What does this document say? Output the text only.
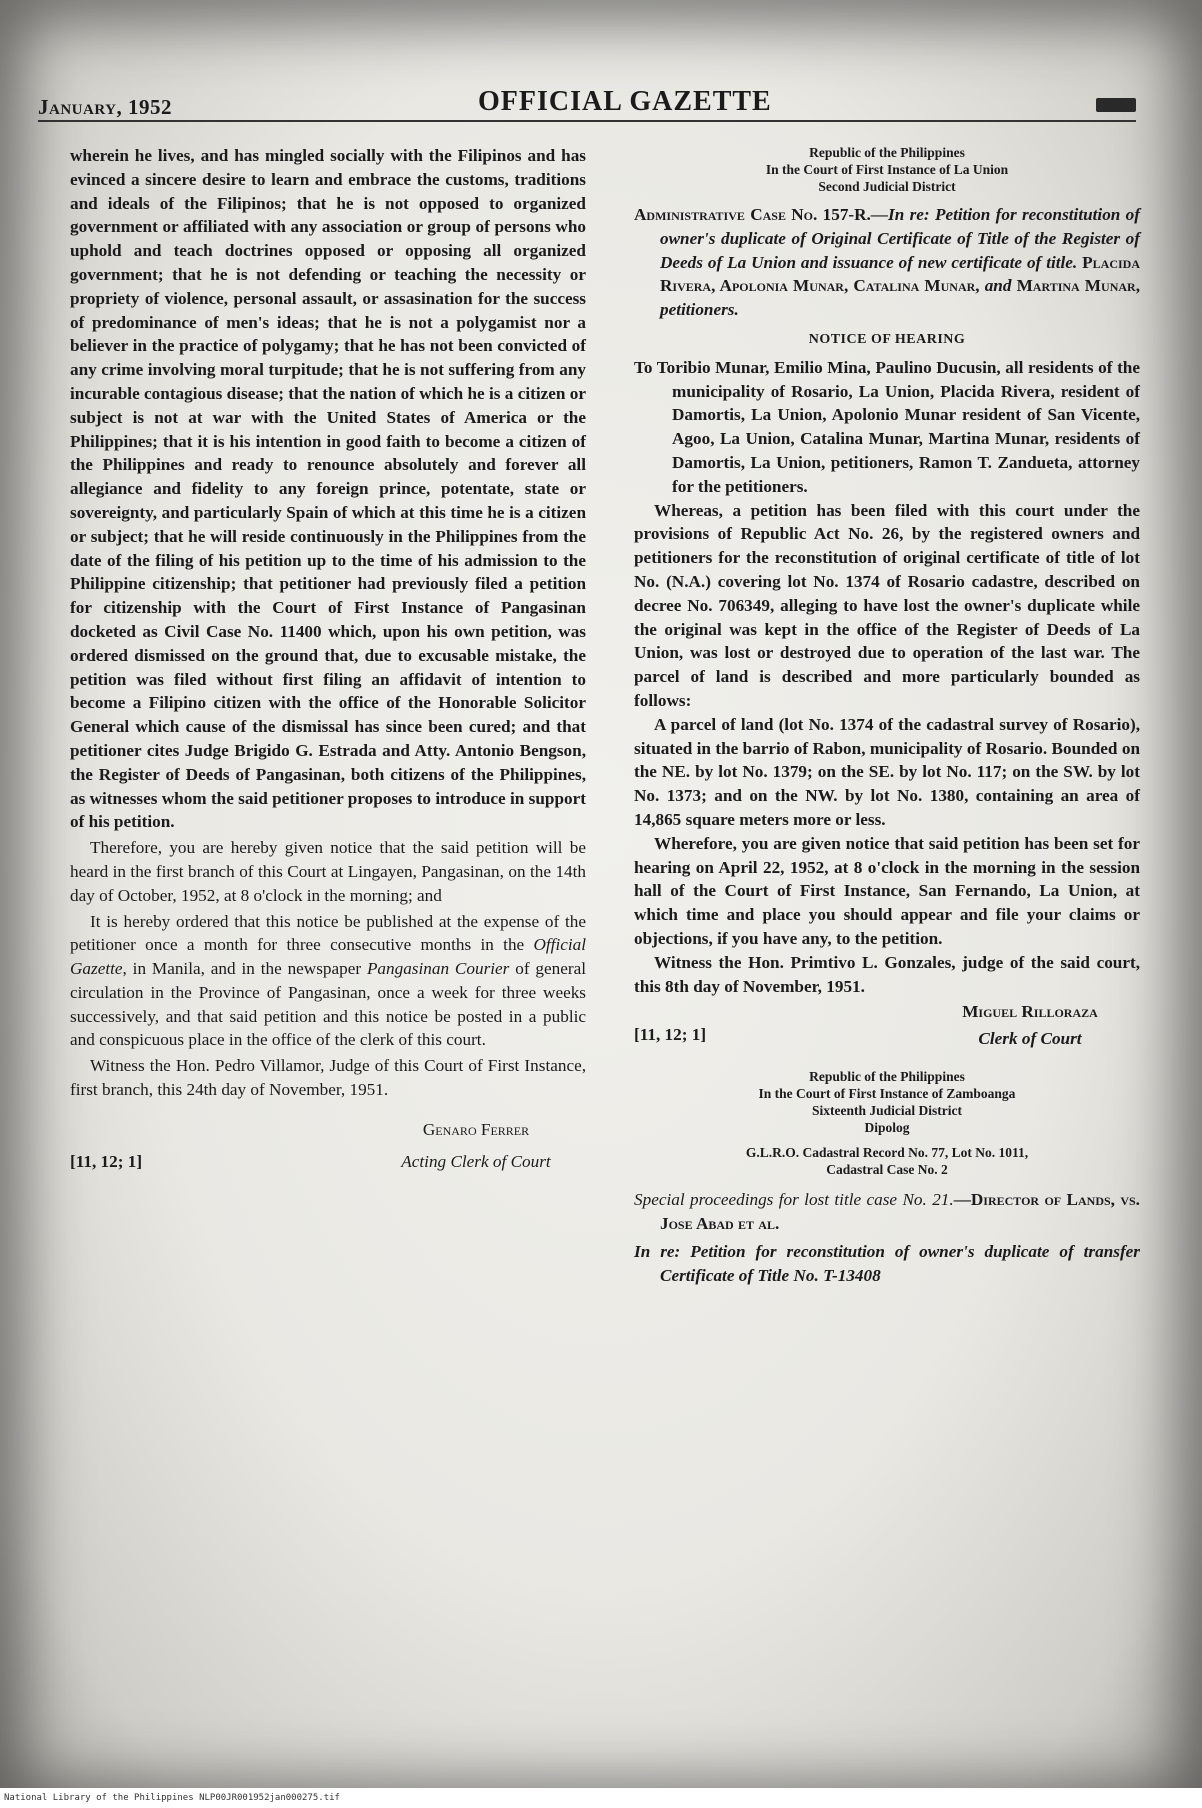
January, 1952	OFFICIAL GAZETTE

wherein he lives, and has mingled socially with the Filipinos and has evinced a sincere desire to learn and embrace the customs, traditions and ideals of the Filipinos; that he is not opposed to organized government or affiliated with any association or group of persons who uphold and teach doctrines opposed or opposing all organized government; that he is not defending or teaching the necessity or propriety of violence, personal assault, or assasination for the success of predominance of men's ideas; that he is not a polygamist nor a believer in the practice of polygamy; that he has not been convicted of any crime involving moral turpitude; that he is not suffering from any incurable contagious disease; that the nation of which he is a citizen or subject is not at war with the United States of America or the Philippines; that it is his intention in good faith to become a citizen of the Philippines and ready to renounce absolutely and forever all allegiance and fidelity to any foreign prince, potentate, state or sovereignty, and particularly Spain of which at this time he is a citizen or subject; that he will reside continuously in the Philippines from the date of the filing of his petition up to the time of his admission to the Philippine citizenship; that petitioner had previously filed a petition for citizenship with the Court of First Instance of Pangasinan docketed as Civil Case No. 11400 which, upon his own petition, was ordered dismissed on the ground that, due to excusable mistake, the petition was filed without first filing an affidavit of intention to become a Filipino citizen with the office of the Honorable Solicitor General which cause of the dismissal has since been cured; and that petitioner cites Judge Brigido G. Estrada and Atty. Antonio Bengson, the Register of Deeds of Pangasinan, both citizens of the Philippines, as witnesses whom the said petitioner proposes to introduce in support of his petition.

Therefore, you are hereby given notice that the said petition will be heard in the first branch of this Court at Lingayen, Pangasinan, on the 14th day of October, 1952, at 8 o'clock in the morning; and

It is hereby ordered that this notice be published at the expense of the petitioner once a month for three consecutive months in the Official Gazette, in Manila, and in the newspaper Pangasinan Courier of general circulation in the Province of Pangasinan, once a week for three weeks successively, and that said petition and this notice be posted in a public and conspicuous place in the office of the clerk of this court.

Witness the Hon. Pedro Villamor, Judge of this Court of First Instance, first branch, this 24th day of November, 1951.

[11, 12; 1]
Genaro Ferrer
Acting Clerk of Court
Republic of the Philippines
In the Court of First Instance of La Union
Second Judicial District

Administrative Case No. 157-R.—In re: Petition for reconstitution of owner's duplicate of Original Certificate of Title of the Register of Deeds of La Union and issuance of new certificate of title. Placida Rivera, Apolonia Munar, Catalina Munar, and Martina Munar, petitioners.

NOTICE OF HEARING

To Toribio Munar, Emilio Mina, Paulino Ducusin, all residents of the municipality of Rosario, La Union, Placida Rivera, resident of Damortis, La Union, Apolonio Munar resident of San Vicente, Agoo, La Union, Catalina Munar, Martina Munar, residents of Damortis, La Union, petitioners, Ramon T. Zandueta, attorney for the petitioners.

Whereas, a petition has been filed with this court under the provisions of Republic Act No. 26, by the registered owners and petitioners for the reconstitution of original certificate of title of lot No. (N.A.) covering lot No. 1374 of Rosario cadastre, described on decree No. 706349, alleging to have lost the owner's duplicate while the original was kept in the office of the Register of Deeds of La Union, was lost or destroyed due to operation of the last war. The parcel of land is described and more particularly bounded as follows:

A parcel of land (lot No. 1374 of the cadastral survey of Rosario), situated in the barrio of Rabon, municipality of Rosario. Bounded on the NE. by lot No. 1379; on the SE. by lot No. 117; on the SW. by lot No. 1373; and on the NW. by lot No. 1380, containing an area of 14,865 square meters more or less.

Wherefore, you are given notice that said petition has been set for hearing on April 22, 1952, at 8 o'clock in the morning in the session hall of the Court of First Instance, San Fernando, La Union, at which time and place you should appear and file your claims or objections, if you have any, to the petition.

Witness the Hon. Primtivo L. Gonzales, judge of the said court, this 8th day of November, 1951.

[11, 12; 1]
Miguel Rilloraza
Clerk of Court
Republic of the Philippines
In the Court of First Instance of Zamboanga
Sixteenth Judicial District
Dipolog
G.L.R.O. Cadastral Record No. 77, Lot No. 1011,
Cadastral Case No. 2

Special proceedings for lost title case No. 21.—Director of Lands, vs. Jose Abad et al.

In re: Petition for reconstitution of owner's duplicate of transfer Certificate of Title No. T-13408

National Library of the Philippines NLP00JR001952jan000275.tif
